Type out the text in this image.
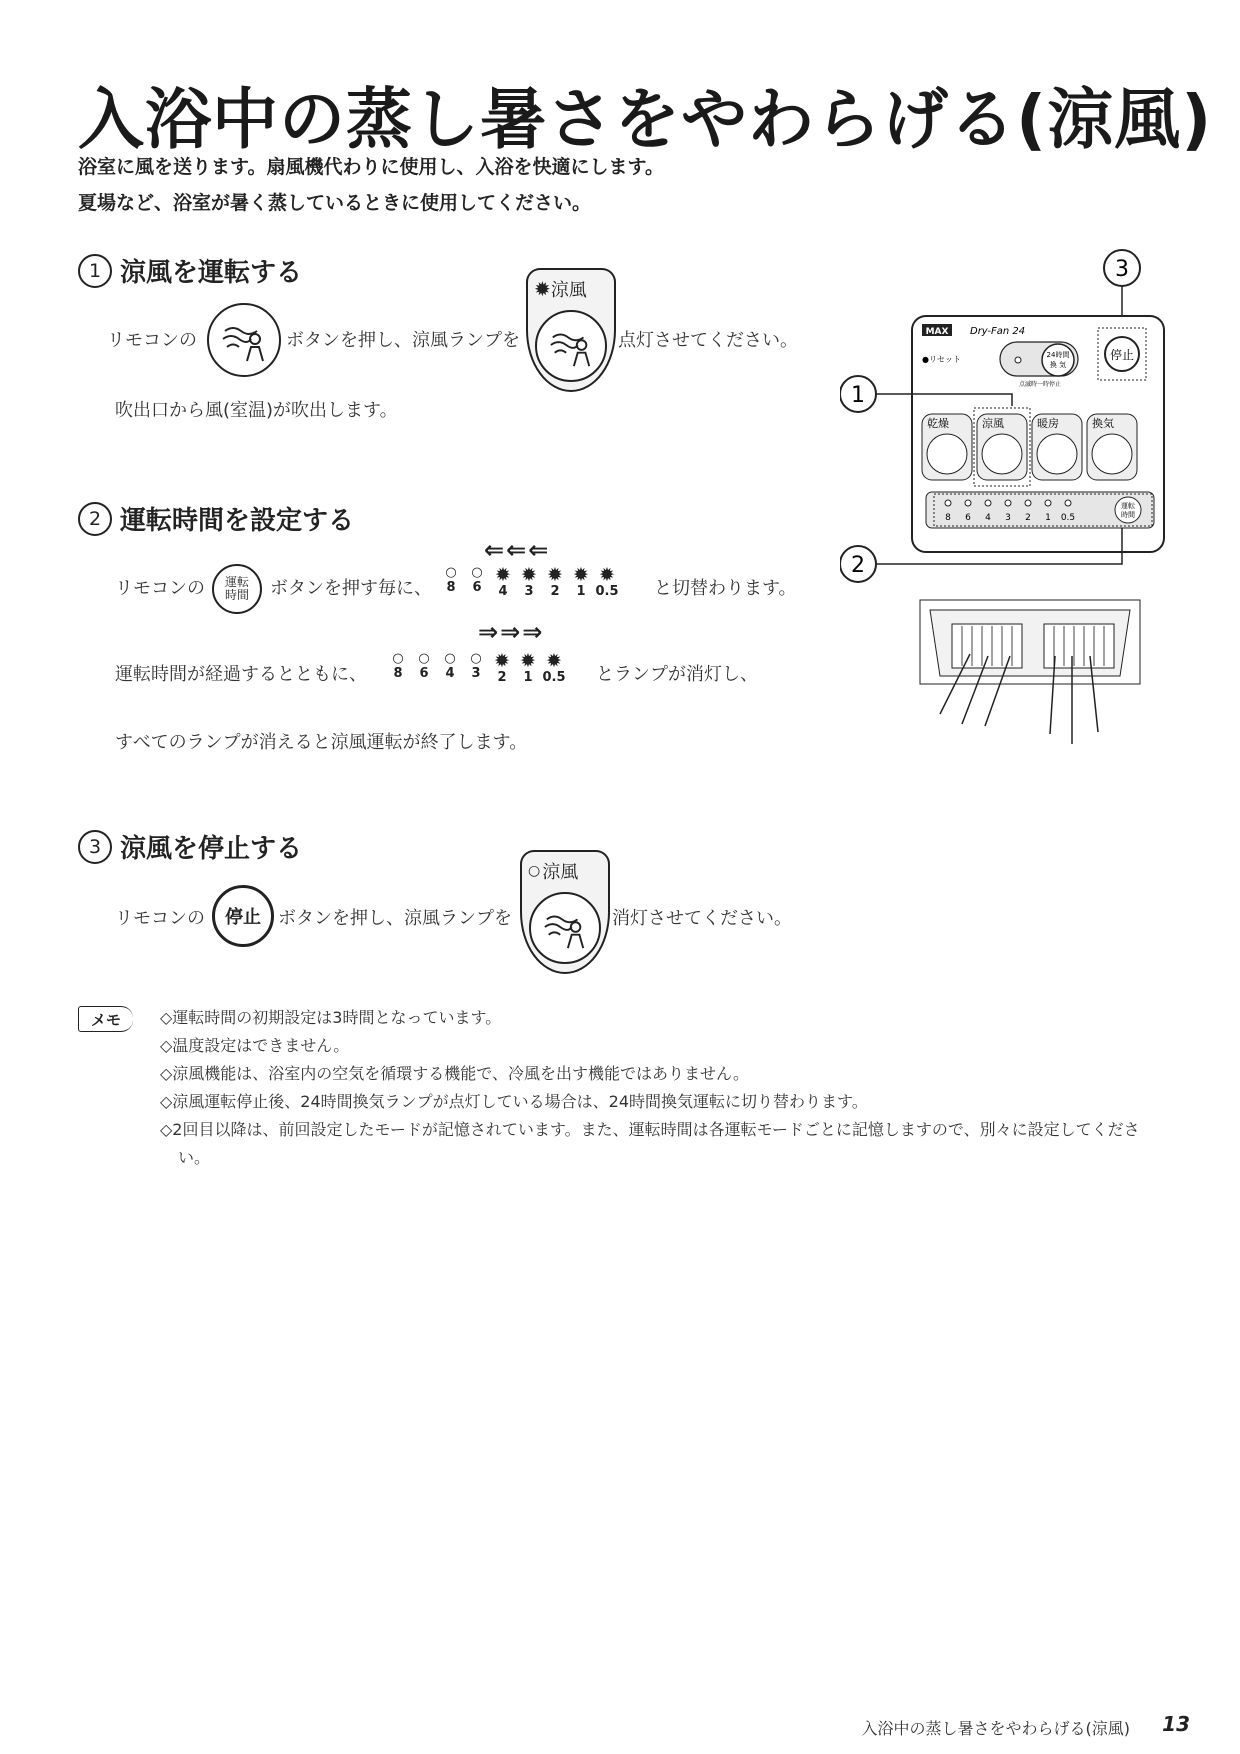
入浴中の蒸し暑さをやわらげる(涼風)
浴室に風を送ります。扇風機代わりに使用し、入浴を快適にします。
夏場など、浴室が暑く蒸しているときに使用してください。
1 涼風を運転する
リモコンの	ボタンを押し、涼風ランプを
✹ 涼風
点灯させてください。
吹出口から風(室温)が吹出します。
2 運転時間を設定する
⇐⇐⇐
リモコンの 運転
時間 ボタンを押す毎に、
○
8
○
6
✹
4
✹
3
✹
2
✹
1
✹
0.5 と切替わります。
⇒⇒⇒
運転時間が経過するとともに、
○
8
○
6
○
4
○
3
✹
2
✹
1
✹
0.5 とランプが消灯し、
すべてのランプが消えると涼風運転が終了します。
3 涼風を停止する
リモコンの	停止 ボタンを押し、涼風ランプを
○ 涼風
消灯させてください。
3
MAX Dry-Fan 24
●リセット	24時間
換 気
点滅時一時停止
停止
1
乾燥	涼風	暖房	換気
8 6 4 3 2 1 0.5
運転
時間
2
メモ	◇運転時間の初期設定は3時間となっています。
◇温度設定はできません。
◇涼風機能は、浴室内の空気を循環する機能で、冷風を出す機能ではありません。
◇涼風運転停止後、24時間換気ランプが点灯している場合は、24時間換気運転に切り替わります。
◇2回目以降は、前回設定したモードが記憶されています。また、運転時間は各運転モードごとに記憶しますので、別々に設定してください。
入浴中の蒸し暑さをやわらげる(涼風) 13
